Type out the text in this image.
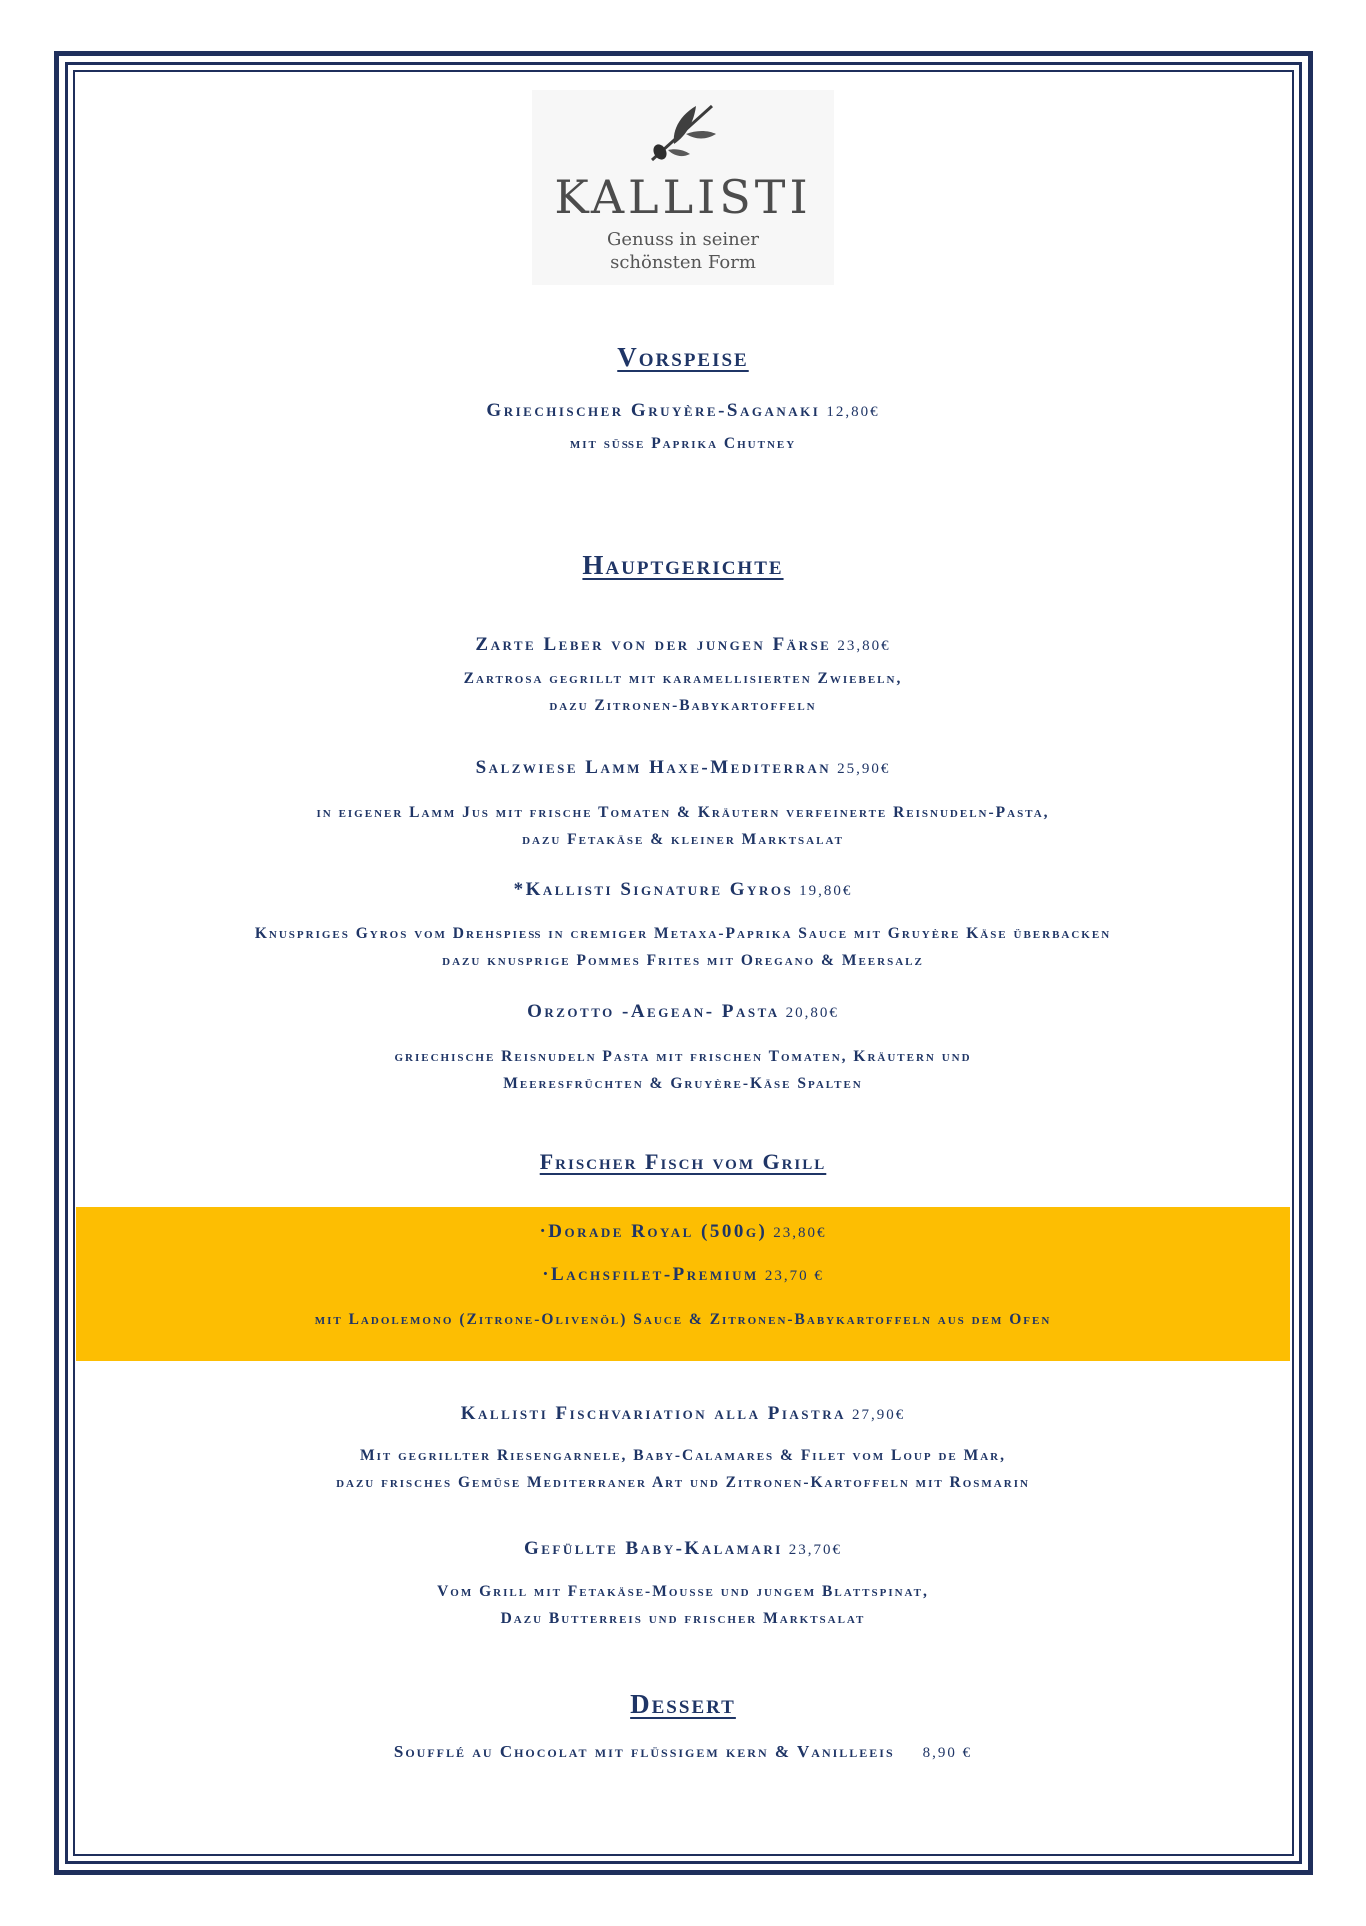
KALLISTI
Genuss in seiner
schönsten Form
Vorspeise
Griechischer Gruyère-Saganaki 12,80€
mit süße Paprika Chutney
Hauptgerichte
Zarte Leber von der jungen Färse 23,80€
Zartrosa gegrillt mit karamellisierten Zwiebeln,
dazu Zitronen-Babykartoffeln
Salzwiese Lamm Haxe-Mediterran 25,90€
in eigener Lamm Jus mit frische Tomaten & Kräutern verfeinerte Reisnudeln-Pasta,
dazu Fetakäse & kleiner Marktsalat
*Kallisti Signature Gyros 19,80€
Knuspriges Gyros vom Drehspieß in cremiger Metaxa-Paprika Sauce mit Gruyère Käse überbacken
dazu knusprige Pommes Frites mit Oregano & Meersalz
Orzotto -Aegean- Pasta 20,80€
griechische Reisnudeln Pasta mit frischen Tomaten, Kräutern und
Meeresfrüchten & Gruyère-Käse Spalten
Frischer Fisch vom Grill
·Dorade Royal (500g) 23,80€
·Lachsfilet-Premium 23,70 €
mit Ladolemono (Zitrone-Olivenöl) Sauce & Zitronen-Babykartoffeln aus dem Ofen
Kallisti Fischvariation alla Piastra 27,90€
Mit gegrillter Riesengarnele, Baby-Calamares & Filet vom Loup de Mar,
dazu frisches Gemüse Mediterraner Art und Zitronen-Kartoffeln mit Rosmarin
Gefüllte Baby-Kalamari 23,70€
Vom Grill mit Fetakäse-Mousse und jungem Blattspinat,
Dazu Butterreis und frischer Marktsalat
Dessert
Soufflé au Chocolat mit flüssigem kern & Vanilleeis 8,90 €
